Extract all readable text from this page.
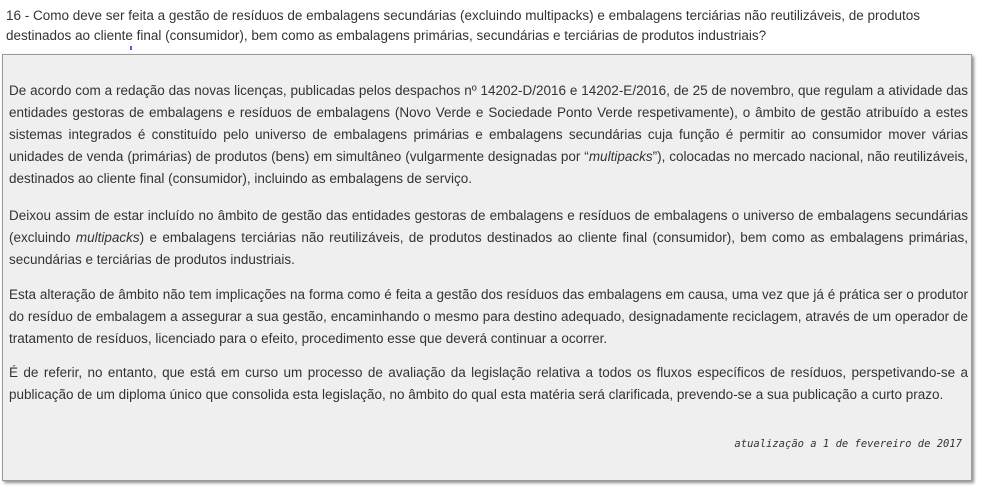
16 - Como deve ser feita a gestão de resíduos de embalagens secundárias (excluindo multipacks) e embalagens terciárias não reutilizáveis, de produtos destinados ao cliente final (consumidor), bem como as embalagens primárias, secundárias e terciárias de produtos industriais?

De acordo com a redação das novas licenças, publicadas pelos despachos nº 14202-D/2016 e 14202-E/2016, de 25 de novembro, que regulam a atividade das entidades gestoras de embalagens e resíduos de embalagens (Novo Verde e Sociedade Ponto Verde respetivamente), o âmbito de gestão atribuído a estes sistemas integrados é constituído pelo universo de embalagens primárias e embalagens secundárias cuja função é permitir ao consumidor mover várias unidades de venda (primárias) de produtos (bens) em simultâneo (vulgarmente designadas por “multipacks”), colocadas no mercado nacional, não reutilizáveis, destinados ao cliente final (consumidor), incluindo as embalagens de serviço.

Deixou assim de estar incluído no âmbito de gestão das entidades gestoras de embalagens e resíduos de embalagens o universo de embalagens secundárias (excluindo multipacks) e embalagens terciárias não reutilizáveis, de produtos destinados ao cliente final (consumidor), bem como as embalagens primárias, secundárias e terciárias de produtos industriais.

Esta alteração de âmbito não tem implicações na forma como é feita a gestão dos resíduos das embalagens em causa, uma vez que já é prática ser o produtor do resíduo de embalagem a assegurar a sua gestão, encaminhando o mesmo para destino adequado, designadamente reciclagem, através de um operador de tratamento de resíduos, licenciado para o efeito, procedimento esse que deverá continuar a ocorrer.

É de referir, no entanto, que está em curso um processo de avaliação da legislação relativa a todos os fluxos específicos de resíduos, perspetivando-se a publicação de um diploma único que consolida esta legislação, no âmbito do qual esta matéria será clarificada, prevendo-se a sua publicação a curto prazo.

atualização a 1 de fevereiro de 2017
